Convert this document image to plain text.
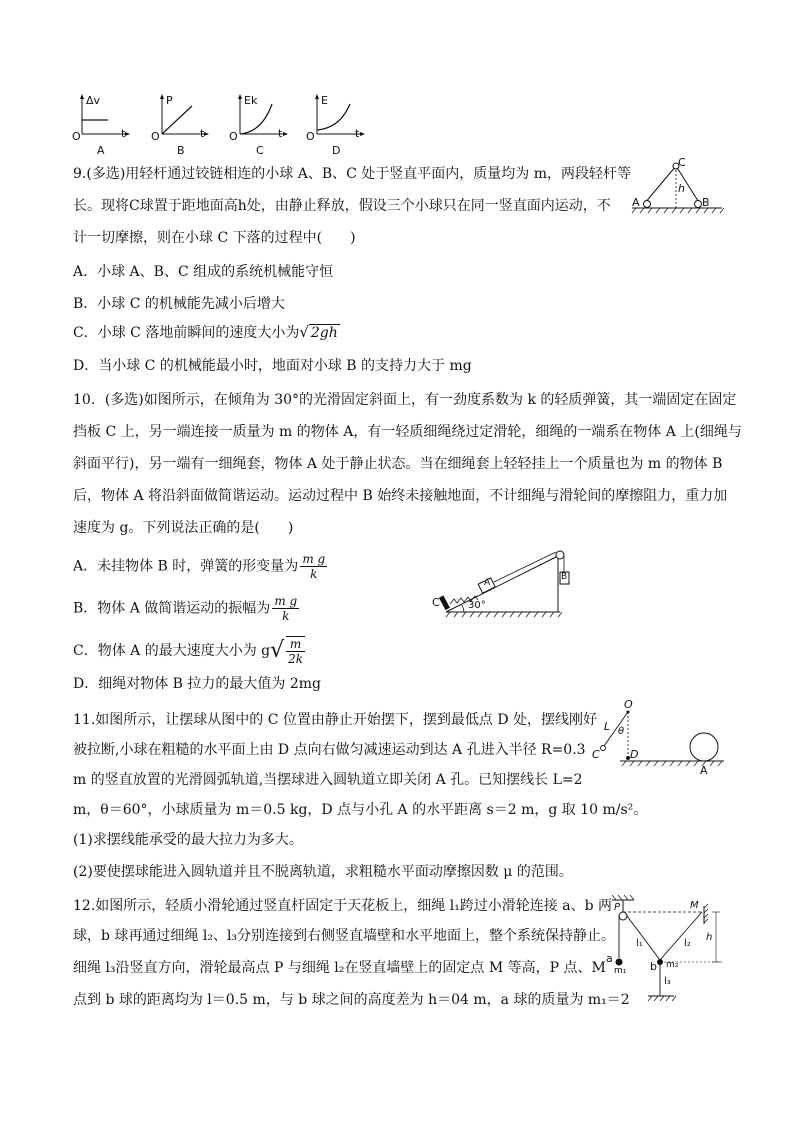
Δv
O	t
A
P
O	t
B
Ek
O	t
C
E
O	t
D
9.(多选)用轻杆通过铰链相连的小球 A、B、C 处于竖直平面内，质量均为 m，两段轻杆等
长。现将C球置于距地面高h处，由静止释放，假设三个小球只在同一竖直面内运动，不
计一切摩擦，则在小球 C 下落的过程中(　　)
A．小球 A、B、C 组成的系统机械能守恒
B．小球 C 的机械能先减小后增大
C．小球 C 落地前瞬间的速度大小为√ 2gh
D．当小球 C 的机械能最小时，地面对小球 B 的支持力大于 mg
C
A	B
h
10．(多选)如图所示，在倾角为 30°的光滑固定斜面上，有一劲度系数为 k 的轻质弹簧，其一端固定在固定
挡板 C 上，另一端连接一质量为 m 的物体 A，有一轻质细绳绕过定滑轮，细绳的一端系在物体 A 上(细绳与
斜面平行)，另一端有一细绳套，物体 A 处于静止状态。当在细绳套上轻轻挂上一个质量也为 m 的物体 B
后，物体 A 将沿斜面做简谐运动。运动过程中 B 始终未接触地面，不计细绳与滑轮间的摩擦阻力，重力加
速度为 g。下列说法正确的是(　　)
A．未挂物体 B 时，弹簧的形变量为 $\frac{\text{m g}}{k}$
B．物体 A 做简谐运动的振幅为 $\frac{\text{m g}}{k}$
C．物体 A 的最大速度大小为 $g√ \frac{m}{2k}$
D．细绳对物体 B 拉力的最大值为 2mg
C
A
B
30°
11.如图所示，让摆球从图中的 C 位置由静止开始摆下，摆到最低点 D 处，摆线刚好
被拉断,小球在粗糙的水平面上由 D 点向右做匀减速运动到达 A 孔进入半径 R=0.3
m 的竖直放置的光滑圆弧轨道,当摆球进入圆轨道立即关闭 A 孔。已知摆线长 L=2
m，θ＝60°，小球质量为 m＝0.5 kg，D 点与小孔 A 的水平距离 s＝2 m，g 取 10 m/s²。
(1)求摆线能承受的最大拉力为多大。
(2)要使摆球能进入圆轨道并且不脱离轨道，求粗糙水平面动摩擦因数 μ 的范围。
O
L θ
C	D
A
12.如图所示，轻质小滑轮通过竖直杆固定于天花板上，细绳 l₁跨过小滑轮连接 a、b 两
球，b 球再通过细绳 l₂、l₃分别连接到右侧竖直墙壁和水平地面上，整个系统保持静止。
细绳 l₃沿竖直方向，滑轮最高点 P 与细绳 l₂在竖直墙壁上的固定点 M 等高，P 点、M
点到 b 球的距离均为 l＝0.5 m，与 b 球之间的高度差为 h＝04 m，a 球的质量为 m₁＝2
P	M
a
m₁ b m₂
l₁	l₂
l₃
h
